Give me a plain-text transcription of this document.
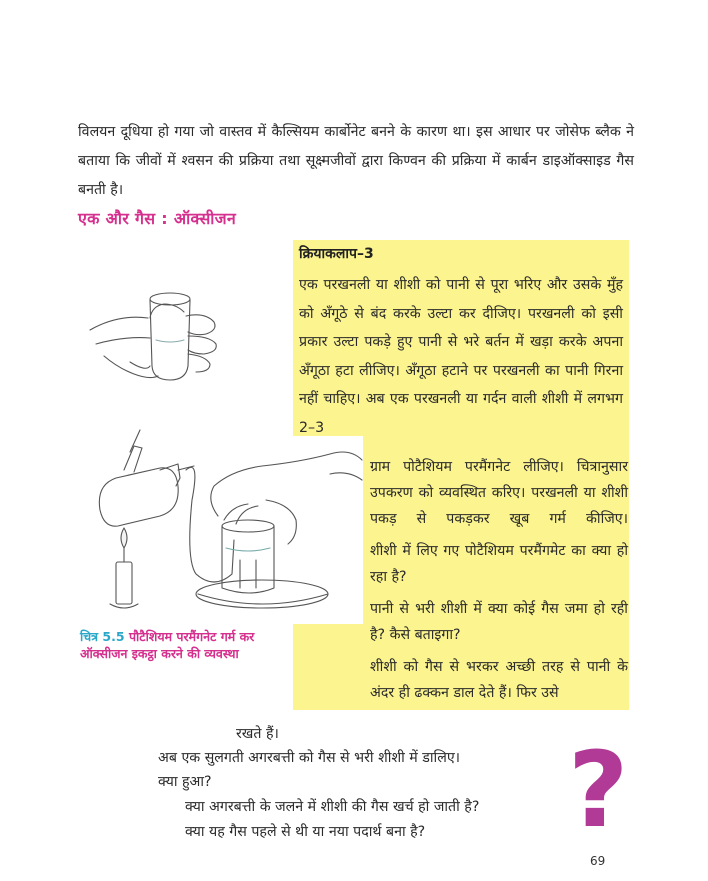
विलयन दूधिया हो गया जो वास्तव में कैल्सियम कार्बोनेट बनने के कारण था। इस आधार पर जोसेफ ब्लैक ने बताया कि जीवों में श्वसन की प्रक्रिया तथा सूक्ष्मजीवों द्वारा किण्वन की प्रक्रिया में कार्बन डाइऑक्साइड गैस बनती है।

एक और गैस : ऑक्सीजन
क्रियाकलाप–3

एक परखनली या शीशी को पानी से पूरा भरिए और उसके मुँह को अँगूठे से बंद करके उल्टा कर दीजिए। परखनली को इसी प्रकार उल्टा पकड़े हुए पानी से भरे बर्तन में खड़ा करके अपना अँगूठा हटा लीजिए। अँगूठा हटाने पर परखनली का पानी गिरना नहीं चाहिए। अब एक परखनली या गर्दन वाली शीशी में लगभग 2–3

ग्राम पोटैशियम परमैंगनेट लीजिए। चित्रानुसार उपकरण को व्यवस्थित करिए। परखनली या शीशी पकड़ से पकड़कर खूब गर्म कीजिए।

शीशी में लिए गए पोटैशियम परमैंगमेट का क्या हो रहा है?

पानी से भरी शीशी में क्या कोई गैस जमा हो रही है? कैसे बताइगा?

शीशी को गैस से भरकर अच्छी तरह से पानी के अंदर ही ढक्कन डाल देते हैं। फिर उसे

चित्र 5.5 पौटैशियम परमैंगनेट गर्म कर ऑक्सीजन इकट्ठा करने की व्यवस्था
रखते हैं।
अब एक सुलगती अगरबत्ती को गैस से भरी शीशी में डालिए।
क्या हुआ?
क्या अगरबत्ती के जलने में शीशी की गैस खर्च हो जाती है?
क्या यह गैस पहले से थी या नया पदार्थ बना है? ?
69
